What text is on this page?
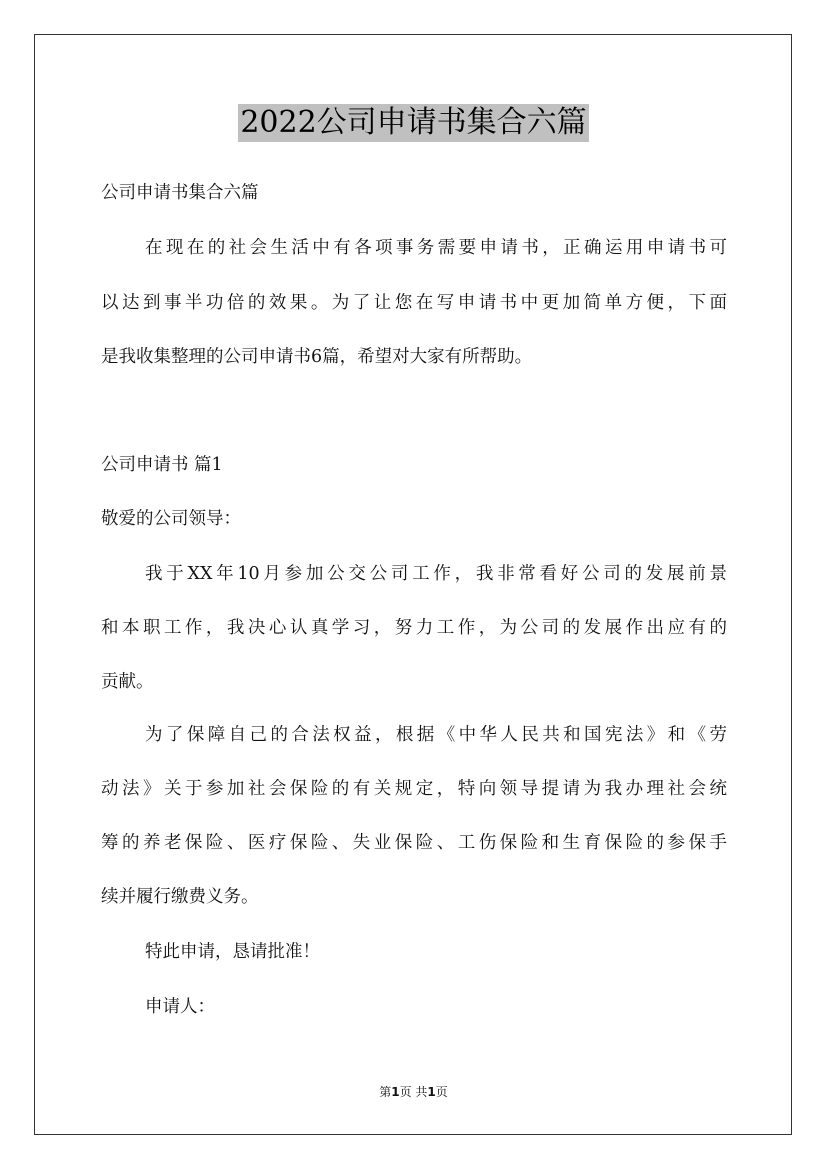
2022公司申请书集合六篇
公司申请书集合六篇
在现在的社会生活中有各项事务需要申请书，正确运用申请书可
以达到事半功倍的效果。为了让您在写申请书中更加简单方便，下面
是我收集整理的公司申请书6篇，希望对大家有所帮助。
公司申请书 篇1
敬爱的公司领导：
我于XX年10月参加公交公司工作，我非常看好公司的发展前景
和本职工作，我决心认真学习，努力工作，为公司的发展作出应有的
贡献。
为了保障自己的合法权益，根据《中华人民共和国宪法》和《劳
动法》关于参加社会保险的有关规定，特向领导提请为我办理社会统
筹的养老保险、医疗保险、失业保险、工伤保险和生育保险的参保手
续并履行缴费义务。
特此申请，恳请批准！
申请人：
第1页 共1页
